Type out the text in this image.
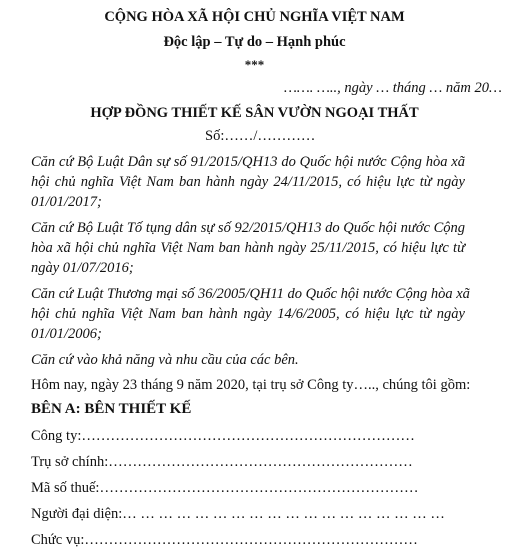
CỘNG HÒA XÃ HỘI CHỦ NGHĨA VIỆT NAM
Độc lập – Tự do – Hạnh phúc
***
……. ….., ngày … tháng … năm 20…
HỢP ĐỒNG THIẾT KẾ SÂN VƯỜN NGOẠI THẤT
Số:……/…………
Căn cứ Bộ Luật Dân sự số 91/2015/QH13 do Quốc hội nước Cộng hòa xã
hội chủ nghĩa Việt Nam ban hành ngày 24/11/2015, có hiệu lực từ ngày
01/01/2017;
Căn cứ Bộ Luật Tố tụng dân sự số 92/2015/QH13 do Quốc hội nước Cộng
hòa xã hội chủ nghĩa Việt Nam ban hành ngày 25/11/2015, có hiệu lực từ
ngày 01/07/2016;
Căn cứ Luật Thương mại số 36/2005/QH11 do Quốc hội nước Cộng hòa xã
hội chủ nghĩa Việt Nam ban hành ngày 14/6/2005, có hiệu lực từ ngày
01/01/2006;
Căn cứ vào khả năng và nhu cầu của các bên.
Hôm nay, ngày 23 tháng 9 năm 2020, tại trụ sở Công ty….., chúng tôi gồm:
BÊN A: BÊN THIẾT KẾ
Công ty:……………………………………………………………
Trụ sở chính:………………………………………………………
Mã số thuế:…………………………………………………………
Người đại diện:… … … … … … … … … … … … … … … … … …
Chức vụ:……………………………………………………………
